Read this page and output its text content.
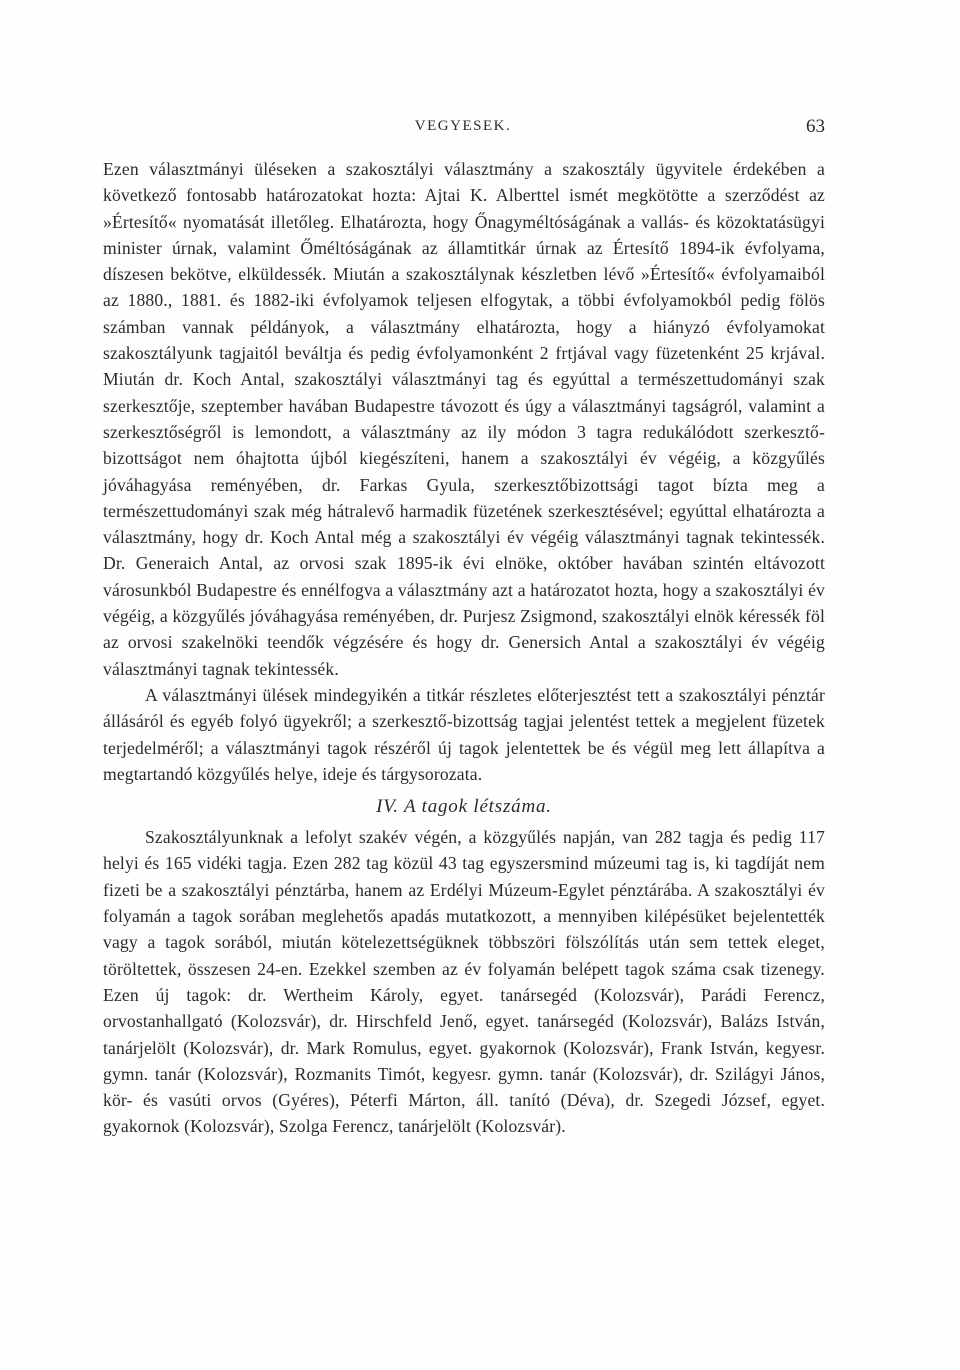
VEGYESEK.	63

Ezen választmányi üléseken a szakosztályi választmány a szakosztály ügyvitele érdekében a következő fontosabb határozatokat hozta: Ajtai K. Alberttel ismét megkötötte a szerződést az »Értesítő« nyomatását illetőleg. Elhatározta, hogy Őnagyméltóságának a vallás- és közoktatásügyi minister úrnak, valamint Őméltóságának az államtitkár úrnak az Értesítő 1894-ik évfolyama, díszesen bekötve, elküldessék. Miután a szakosztálynak készletben lévő »Értesítő« évfolyamaiból az 1880., 1881. és 1882-iki évfolyamok teljesen elfogytak, a többi évfolyamokból pedig fölös számban vannak példányok, a választmány elhatározta, hogy a hiányzó évfolyamokat szakosztályunk tagjaitól beváltja és pedig évfolyamonként 2 frtjával vagy füzetenként 25 krjával. Miután dr. Koch Antal, szakosztályi választmányi tag és egyúttal a természettudományi szak szerkesztője, szeptember havában Budapestre távozott és úgy a választmányi tagságról, valamint a szerkesztőségről is lemondott, a választmány az ily módon 3 tagra redukálódott szerkesztő-bizottságot nem óhajtotta újból kiegészíteni, hanem a szakosztályi év végéig, a közgyűlés jóváhagyása reményében, dr. Farkas Gyula, szerkesztőbizottsági tagot bízta meg a természettudományi szak még hátralevő harmadik füzetének szerkesztésével; egyúttal elhatározta a választmány, hogy dr. Koch Antal még a szakosztályi év végéig választmányi tagnak tekintessék. Dr. Generaich Antal, az orvosi szak 1895-ik évi elnöke, október havában szintén eltávozott városunkból Budapestre és ennélfogva a választmány azt a határozatot hozta, hogy a szakosztályi év végéig, a közgyűlés jóváhagyása reményében, dr. Purjesz Zsigmond, szakosztályi elnök kéressék föl az orvosi szakelnöki teendők végzésére és hogy dr. Genersich Antal a szakosztályi év végéig választmányi tagnak tekintessék.

A választmányi ülések mindegyikén a titkár részletes előterjesztést tett a szakosztályi pénztár állásáról és egyéb folyó ügyekről; a szerkesztő-bizottság tagjai jelentést tettek a megjelent füzetek terjedelméről; a választmányi tagok részéről új tagok jelentettek be és végül meg lett állapítva a megtartandó közgyűlés helye, ideje és tárgysorozata.

IV. A tagok létszáma.

Szakosztályunknak a lefolyt szakév végén, a közgyűlés napján, van 282 tagja és pedig 117 helyi és 165 vidéki tagja. Ezen 282 tag közül 43 tag egyszersmind múzeumi tag is, ki tagdíját nem fizeti be a szakosztályi pénztárba, hanem az Erdélyi Múzeum-Egylet pénztárába. A szakosztályi év folyamán a tagok sorában meglehetős apadás mutatkozott, a mennyiben kilépésüket bejelentették vagy a tagok sorából, miután kötelezettségüknek többszöri fölszólítás után sem tettek eleget, töröltettek, összesen 24-en. Ezekkel szemben az év folyamán belépett tagok száma csak tizenegy. Ezen új tagok: dr. Wertheim Károly, egyet. tanársegéd (Kolozsvár), Parádi Ferencz, orvostanhallgató (Kolozsvár), dr. Hirschfeld Jenő, egyet. tanársegéd (Kolozsvár), Balázs István, tanárjelölt (Kolozsvár), dr. Mark Romulus, egyet. gyakornok (Kolozsvár), Frank István, kegyesr. gymn. tanár (Kolozsvár), Rozmanits Timót, kegyesr. gymn. tanár (Kolozsvár), dr. Szilágyi János, kör- és vasúti orvos (Gyéres), Péterfi Márton, áll. tanító (Déva), dr. Szegedi József, egyet. gyakornok (Kolozsvár), Szolga Ferencz, tanárjelölt (Kolozsvár).
